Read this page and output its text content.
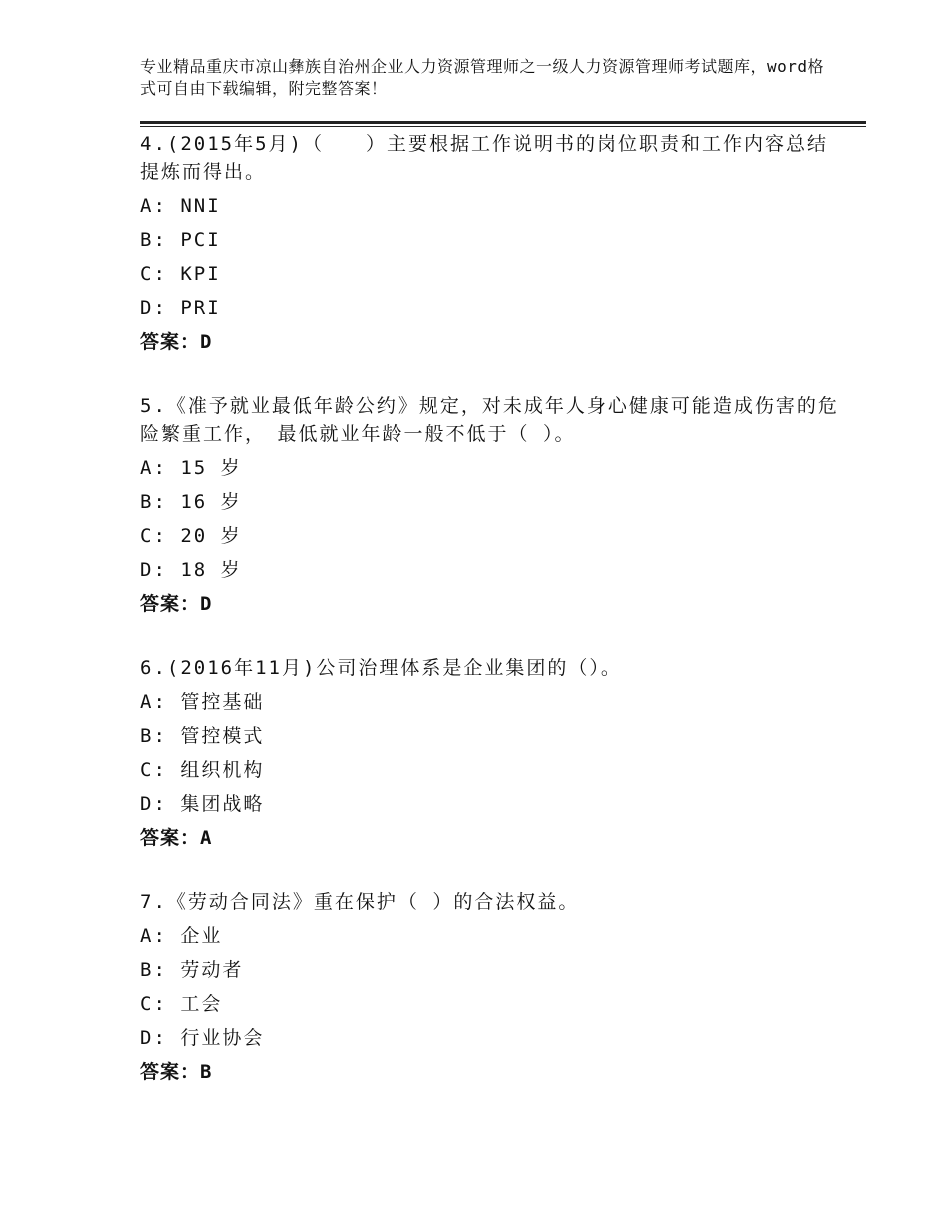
专业精品重庆市凉山彝族自治州企业人力资源管理师之一级人力资源管理师考试题库，word格式可自由下载编辑，附完整答案！

4.(2015年5月)（　　）主要根据工作说明书的岗位职责和工作内容总结提炼而得出。

A: NNI

B: PCI

C: KPI

D: PRI

答案：D

5.《准予就业最低年龄公约》规定，对未成年人身心健康可能造成伤害的危险繁重工作，　最低就业年龄一般不低于（ ）。

A: 15 岁

B: 16 岁

C: 20 岁

D: 18 岁

答案：D

6.(2016年11月)公司治理体系是企业集团的（）。

A: 管控基础

B: 管控模式

C: 组织机构

D: 集团战略

答案：A

7.《劳动合同法》重在保护（ ）的合法权益。

A: 企业

B: 劳动者

C: 工会

D: 行业协会

答案：B
